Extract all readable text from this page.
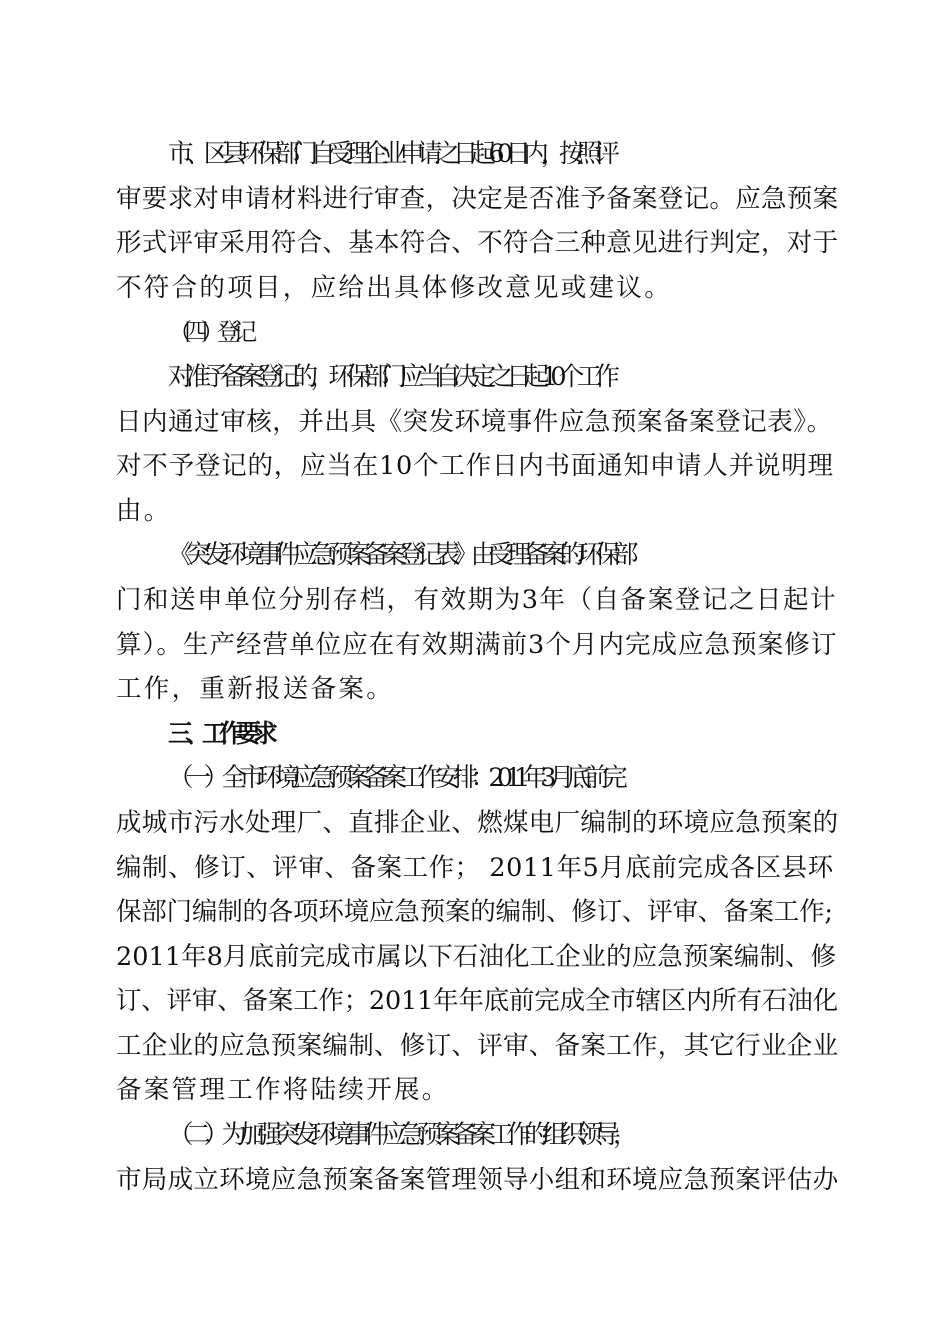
市、区县环保部门自受理企业申请之日起60日内，按照评
审要求对申请材料进行审查，决定是否准予备案登记。应急预案
形式评审采用符合、基本符合、不符合三种意见进行判定，对于
不符合的项目，应给出具体修改意见或建议。

（四）登记

对准予备案登记的，环保部门应当自决定之日起10个工作
日内通过审核，并出具《突发环境事件应急预案备案登记表》。
对不予登记的，应当在10个工作日内书面通知申请人并说明理
由。

《突发环境事件应急预案备案登记表》由受理备案的环保部
门和送申单位分别存档，有效期为3年（自备案登记之日起计
算）。生产经营单位应在有效期满前3个月内完成应急预案修订
工作，重新报送备案。

三、工作要求

（一）全市环境应急预案备案工作安排：2011年3月底前完
成城市污水处理厂、直排企业、燃煤电厂编制的环境应急预案的
编制、修订、评审、备案工作； 2011年5月底前完成各区县环
保部门编制的各项环境应急预案的编制、修订、评审、备案工作;
2011年8月底前完成市属以下石油化工企业的应急预案编制、修
订、评审、备案工作；2011年年底前完成全市辖区内所有石油化
工企业的应急预案编制、修订、评审、备案工作，其它行业企业
备案管理工作将陆续开展。

（二）为加强突发环境事件应急预案备案工作的组织领导，
市局成立环境应急预案备案管理领导小组和环境应急预案评估办
